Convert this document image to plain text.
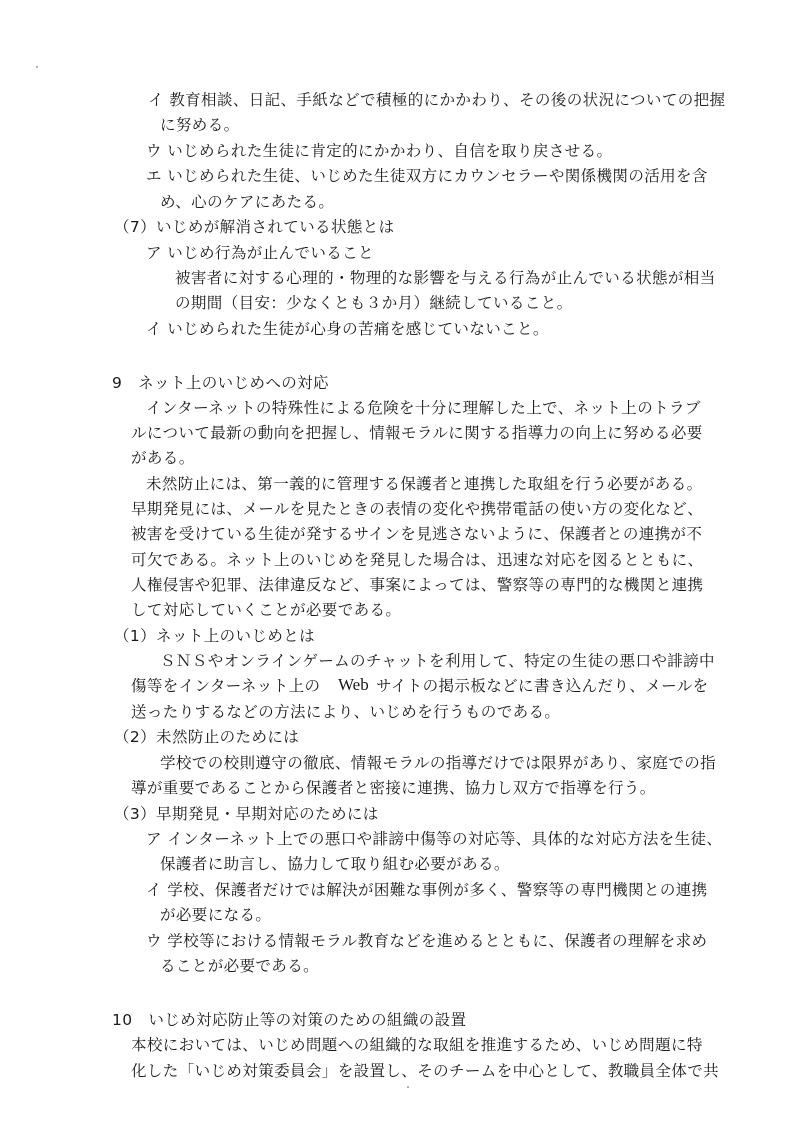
イ 教育相談、日記、手紙などで積極的にかかわり、その後の状況についての把握
に努める。
ウ いじめられた生徒に肯定的にかかわり、自信を取り戻させる。
エ いじめられた生徒、いじめた生徒双方にカウンセラーや関係機関の活用を含
め、心のケアにあたる。
（7）いじめが解消されている状態とは
ア いじめ行為が止んでいること
被害者に対する心理的・物理的な影響を与える行為が止んでいる状態が相当
の期間（目安：少なくとも３か月）継続していること。
イ いじめられた生徒が心身の苦痛を感じていないこと。
9　ネット上のいじめへの対応
インターネットの特殊性による危険を十分に理解した上で、ネット上のトラブ
ルについて最新の動向を把握し、情報モラルに関する指導力の向上に努める必要
がある。
未然防止には、第一義的に管理する保護者と連携した取組を行う必要がある。
早期発見には、メールを見たときの表情の変化や携帯電話の使い方の変化など、
被害を受けている生徒が発するサインを見逃さないように、保護者との連携が不
可欠である。ネット上のいじめを発見した場合は、迅速な対応を図るとともに、
人権侵害や犯罪、法律違反など、事案によっては、警察等の専門的な機関と連携
して対応していくことが必要である。
（1）ネット上のいじめとは
ＳＮＳやオンラインゲームのチャットを利用して、特定の生徒の悪口や誹謗中
傷等をインターネット上の Web サイトの掲示板などに書き込んだり、メールを
送ったりするなどの方法により、いじめを行うものである。
（2）未然防止のためには
学校での校則遵守の徹底、情報モラルの指導だけでは限界があり、家庭での指
導が重要であることから保護者と密接に連携、協力し双方で指導を行う。
（3）早期発見・早期対応のためには
ア インターネット上での悪口や誹謗中傷等の対応等、具体的な対応方法を生徒、
保護者に助言し、協力して取り組む必要がある。
イ 学校、保護者だけでは解決が困難な事例が多く、警察等の専門機関との連携
が必要になる。
ウ 学校等における情報モラル教育などを進めるとともに、保護者の理解を求め
ることが必要である。
10　いじめ対応防止等の対策のための組織の設置
本校においては、いじめ問題への組織的な取組を推進するため、いじめ問題に特
化した「いじめ対策委員会」を設置し、そのチームを中心として、教職員全体で共
